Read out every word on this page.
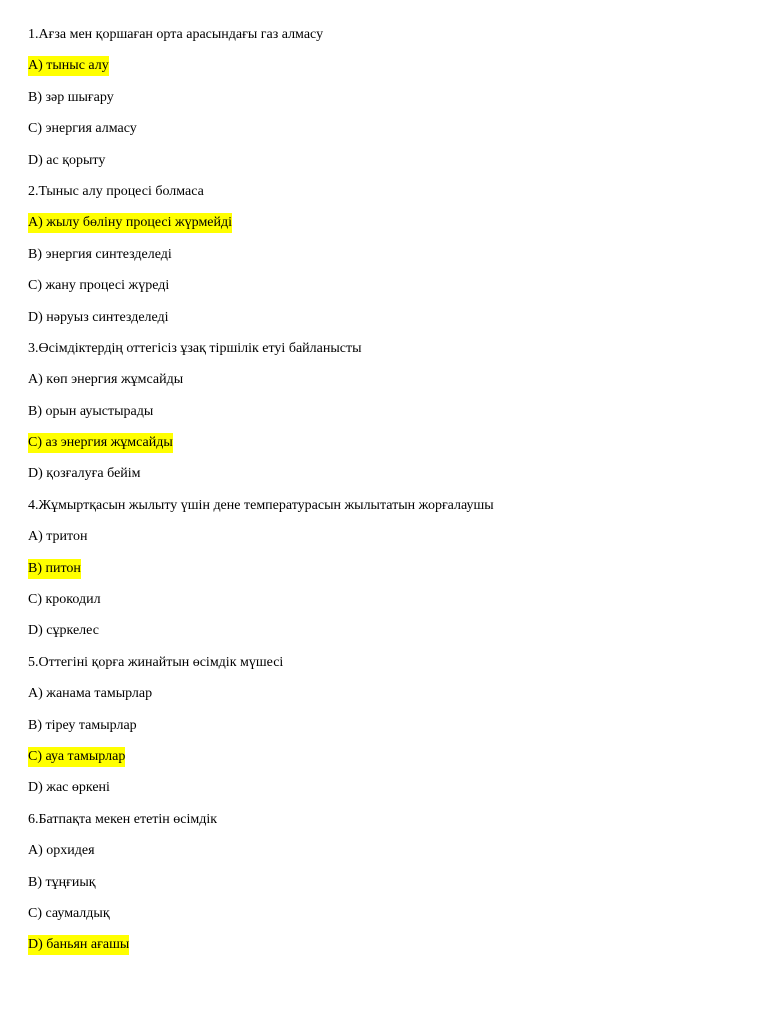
1.Ағза мен қоршаған орта арасындағы газ алмасу
A) тыныс алу
B) зәр шығару
C) энергия алмасу
D) ас қорыту
2.Тыныс алу процесі болмаса
A) жылу бөліну процесі жүрмейді
B) энергия синтезделеді
C) жану процесі жүреді
D) нәруыз синтезделеді
3.Өсімдіктердің оттегісіз ұзақ тіршілік етуі байланысты
A) көп энергия жұмсайды
B) орын ауыстырады
C) аз энергия жұмсайды
D) қозғалуға бейім
4.Жұмыртқасын жылыту үшін дене температурасын жылытатын жорғалаушы
A) тритон
B) питон
C) крокодил
D) сұркелес
5.Оттегіні қорға жинайтын өсімдік мүшесі
A) жанама тамырлар
B) тіреу тамырлар
C) ауа тамырлар
D) жас өркені
6.Батпақта мекен ететін өсімдік
A) орхидея
B) тұңғиық
C) саумалдық
D) баньян ағашы
